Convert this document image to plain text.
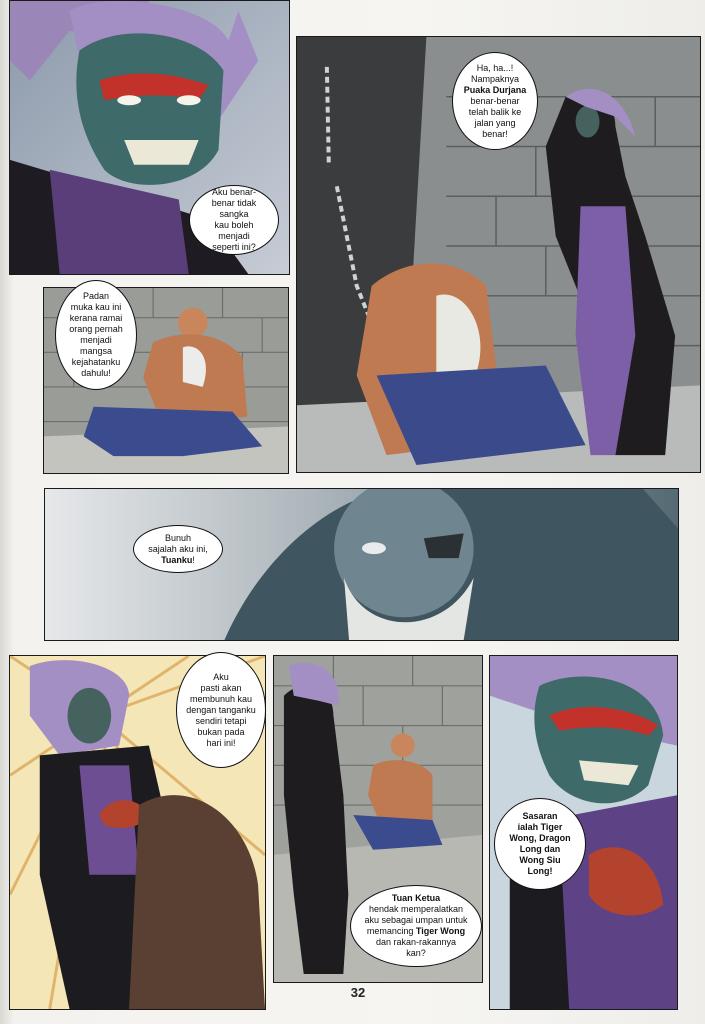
Aku benar-
benar tidak sangka
kau boleh menjadi
seperti ini?
Ha, ha...!
Nampaknya
Puaka Durjana
benar-benar
telah balik ke
jalan yang
benar!
Padan
muka kau ini
kerana ramai
orang pernah
menjadi mangsa
kejahatanku
dahulu!
Bunuh
sajalah aku ini,
Tuanku!
Aku
pasti akan
membunuh kau
dengan tanganku
sendiri tetapi
bukan pada
hari ini!
Tuan Ketua
hendak memperalatkan
aku sebagai umpan untuk
memancing Tiger Wong
dan rakan-rakannya
kan?
Sasaran
ialah Tiger
Wong, Dragon
Long dan
Wong Siu
Long!
32
